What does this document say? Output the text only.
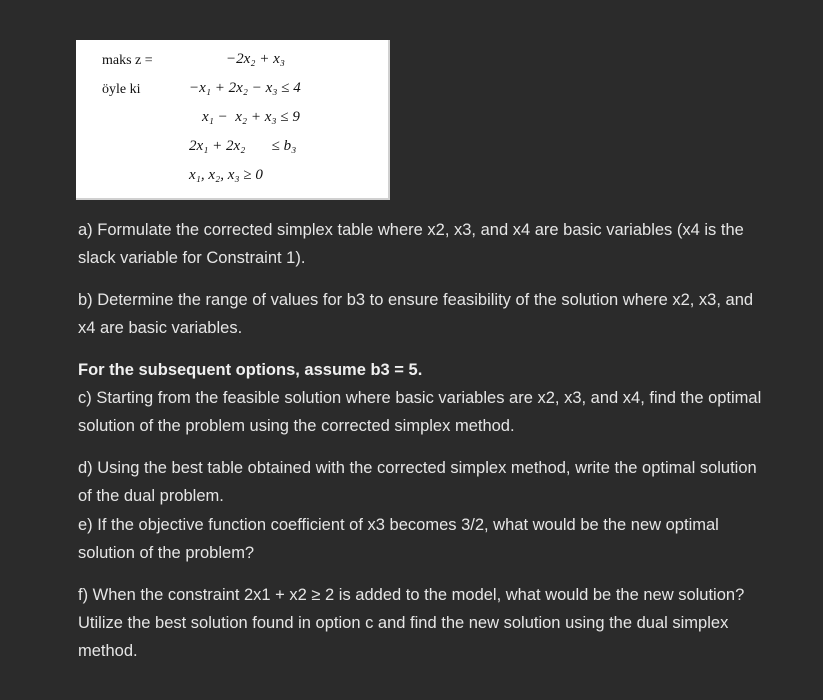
maks z =
öyle ki
−2x₂ + x₃
−x₁ + 2x₂ − x₃ ≤ 4
x₁ −  x₂ + x₃ ≤ 9
2x₁ + 2x₂       ≤ b₃
x₁, x₂, x₃ ≥ 0
a) Formulate the corrected simplex table where x2, x3, and x4 are basic variables (x4 is the slack variable for Constraint 1).
b) Determine the range of values for b3 to ensure feasibility of the solution where x2, x3, and x4 are basic variables.
For the subsequent options, assume b3 = 5.
c) Starting from the feasible solution where basic variables are x2, x3, and x4, find the optimal solution of the problem using the corrected simplex method.
d) Using the best table obtained with the corrected simplex method, write the optimal solution of the dual problem.
e) If the objective function coefficient of x3 becomes 3/2, what would be the new optimal solution of the problem?
f) When the constraint 2x1 + x2 ≥ 2 is added to the model, what would be the new solution? Utilize the best solution found in option c and find the new solution using the dual simplex method.
